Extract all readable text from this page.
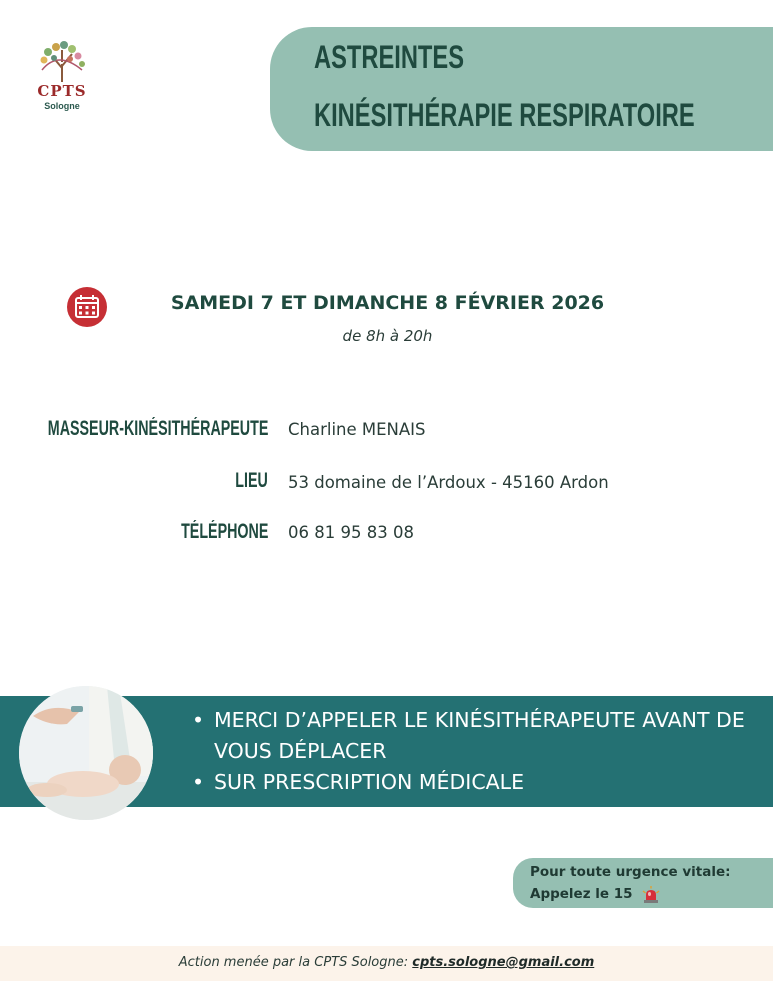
CPTS
Sologne
ASTREINTES
KINÉSITHÉRAPIE RESPIRATOIRE
SAMEDI 7 ET DIMANCHE 8 FÉVRIER 2026
de 8h à 20h
MASSEUR-KINÉSITHÉRAPEUTE Charline MENAIS
LIEU 53 domaine de l’Ardoux - 45160 Ardon
TÉLÉPHONE 06 81 95 83 08
• MERCI D’APPELER LE KINÉSITHÉRAPEUTE AVANT DE VOUS DÉPLACER
• SUR PRESCRIPTION MÉDICALE
Pour toute urgence vitale:
Appelez le 15
Action menée par la CPTS Sologne: cpts.sologne@gmail.com
